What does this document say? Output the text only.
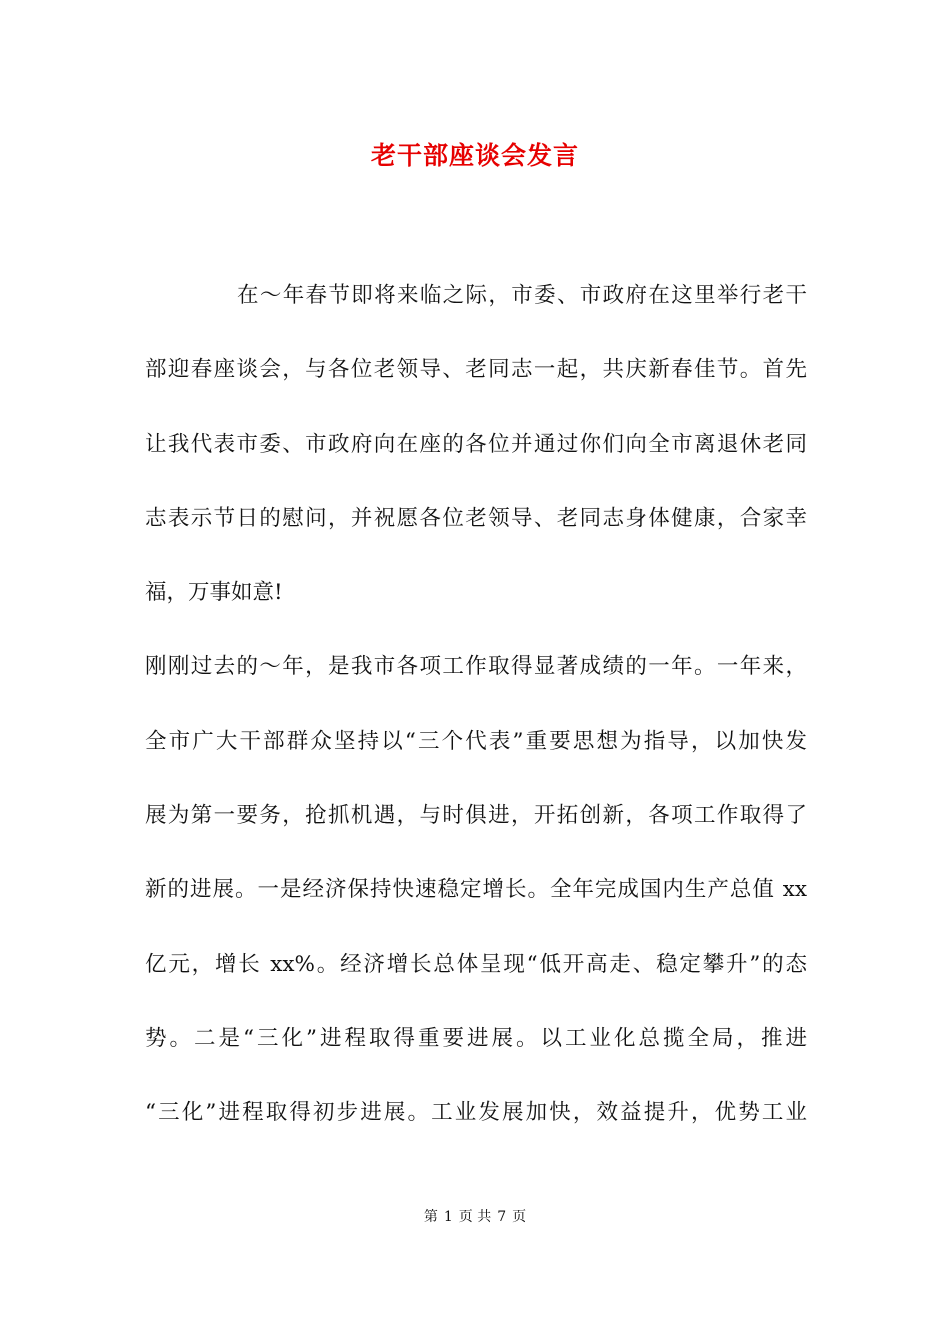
老干部座谈会发言
在～年春节即将来临之际，市委、市政府在这里举行老干
部迎春座谈会，与各位老领导、老同志一起，共庆新春佳节。首先
让我代表市委、市政府向在座的各位并通过你们向全市离退休老同
志表示节日的慰问，并祝愿各位老领导、老同志身体健康，合家幸
福，万事如意!
刚刚过去的～年，是我市各项工作取得显著成绩的一年。一年来，
全市广大干部群众坚持以“三个代表”重要思想为指导，以加快发
展为第一要务，抢抓机遇，与时俱进，开拓创新，各项工作取得了
新的进展。一是经济保持快速稳定增长。全年完成国内生产总值 xx
亿元，增长 xx%。经济增长总体呈现“低开高走、稳定攀升”的态
势。二是“三化”进程取得重要进展。以工业化总揽全局，推进
“三化”进程取得初步进展。工业发展加快，效益提升，优势工业
第 1 页 共 7 页
